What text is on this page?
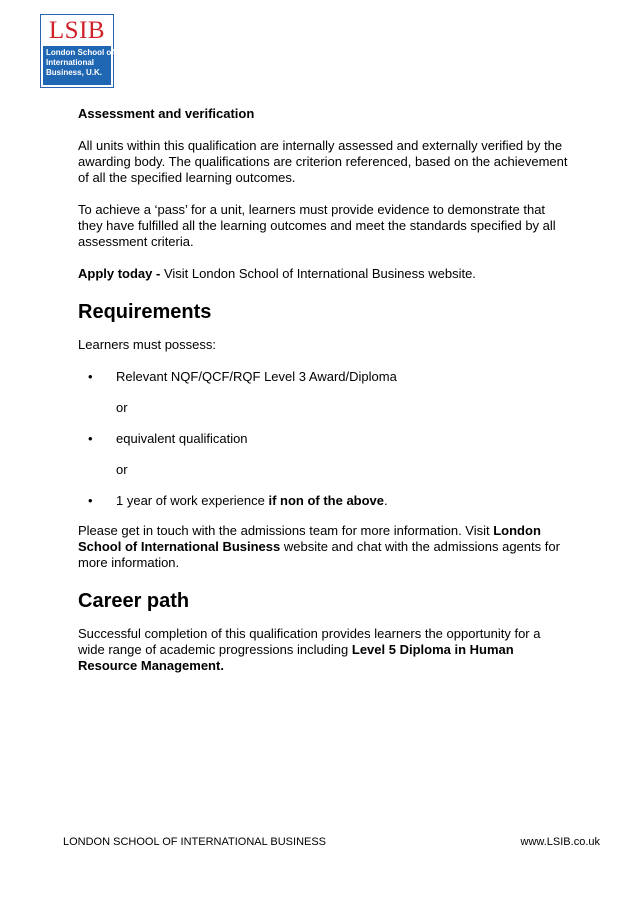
LSIB
London School of
International
Business, U.K.

Assessment and verification

All units within this qualification are internally assessed and externally verified by the awarding body. The qualifications are criterion referenced, based on the achievement of all the specified learning outcomes.

To achieve a ‘pass’ for a unit, learners must provide evidence to demonstrate that they have fulfilled all the learning outcomes and meet the standards specified by all assessment criteria.

Apply today - Visit London School of International Business website.

Requirements

Learners must possess:

•	Relevant NQF/QCF/RQF Level 3 Award/Diploma

or

•	equivalent qualification

or

•	1 year of work experience if non of the above.

Please get in touch with the admissions team for more information. Visit London School of International Business website and chat with the admissions agents for more information.

Career path

Successful completion of this qualification provides learners the opportunity for a wide range of academic progressions including Level 5 Diploma in Human Resource Management.

LONDON SCHOOL OF INTERNATIONAL BUSINESS	www.LSIB.co.uk
